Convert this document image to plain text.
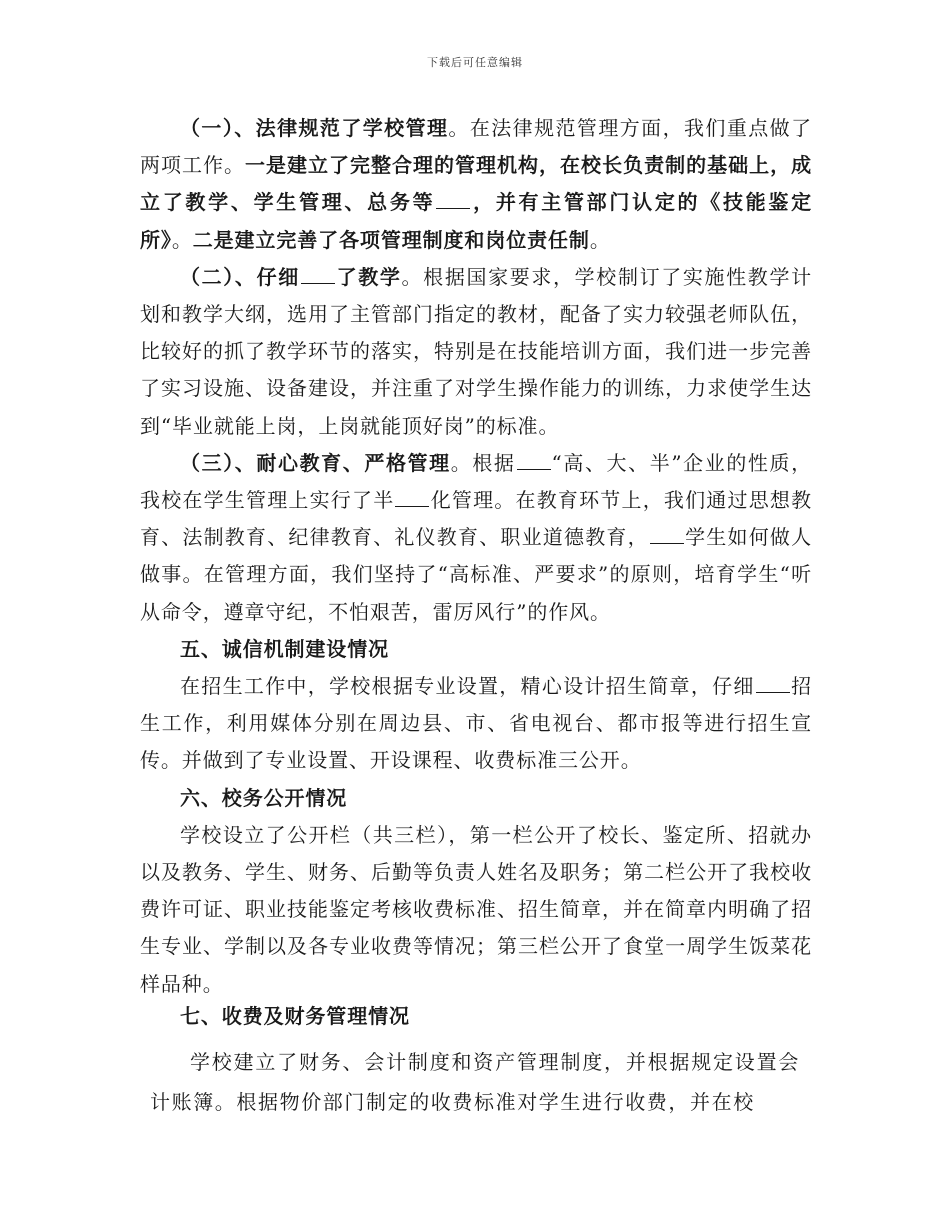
下载后可任意编辑

（一）、法律规范了学校管理。在法律规范管理方面，我们重点做了两项工作。一是建立了完整合理的管理机构，在校长负责制的基础上，成立了教学、学生管理、总务等 ，并有主管部门认定的《技能鉴定所》。二是建立完善了各项管理制度和岗位责任制。

（二）、仔细 了教学。根据国家要求，学校制订了实施性教学计划和教学大纲，选用了主管部门指定的教材，配备了实力较强老师队伍，比较好的抓了教学环节的落实，特别是在技能培训方面，我们进一步完善了实习设施、设备建设，并注重了对学生操作能力的训练，力求使学生达到“毕业就能上岗，上岗就能顶好岗”的标准。

（三）、耐心教育、严格管理。根据 “高、大、半”企业的性质，我校在学生管理上实行了半 化管理。在教育环节上，我们通过思想教育、法制教育、纪律教育、礼仪教育、职业道德教育， 学生如何做人做事。在管理方面，我们坚持了“高标准、严要求”的原则，培育学生“听从命令，遵章守纪，不怕艰苦，雷厉风行”的作风。

五、诚信机制建设情况

在招生工作中，学校根据专业设置，精心设计招生简章，仔细 招生工作，利用媒体分别在周边县、市、省电视台、都市报等进行招生宣传。并做到了专业设置、开设课程、收费标准三公开。

六、校务公开情况

学校设立了公开栏（共三栏），第一栏公开了校长、鉴定所、招就办以及教务、学生、财务、后勤等负责人姓名及职务；第二栏公开了我校收费许可证、职业技能鉴定考核收费标准、招生简章，并在简章内明确了招生专业、学制以及各专业收费等情况；第三栏公开了食堂一周学生饭菜花样品种。

七、收费及财务管理情况

学校建立了财务、会计制度和资产管理制度，并根据规定设置会计账簿。根据物价部门制定的收费标准对学生进行收费，并在校
